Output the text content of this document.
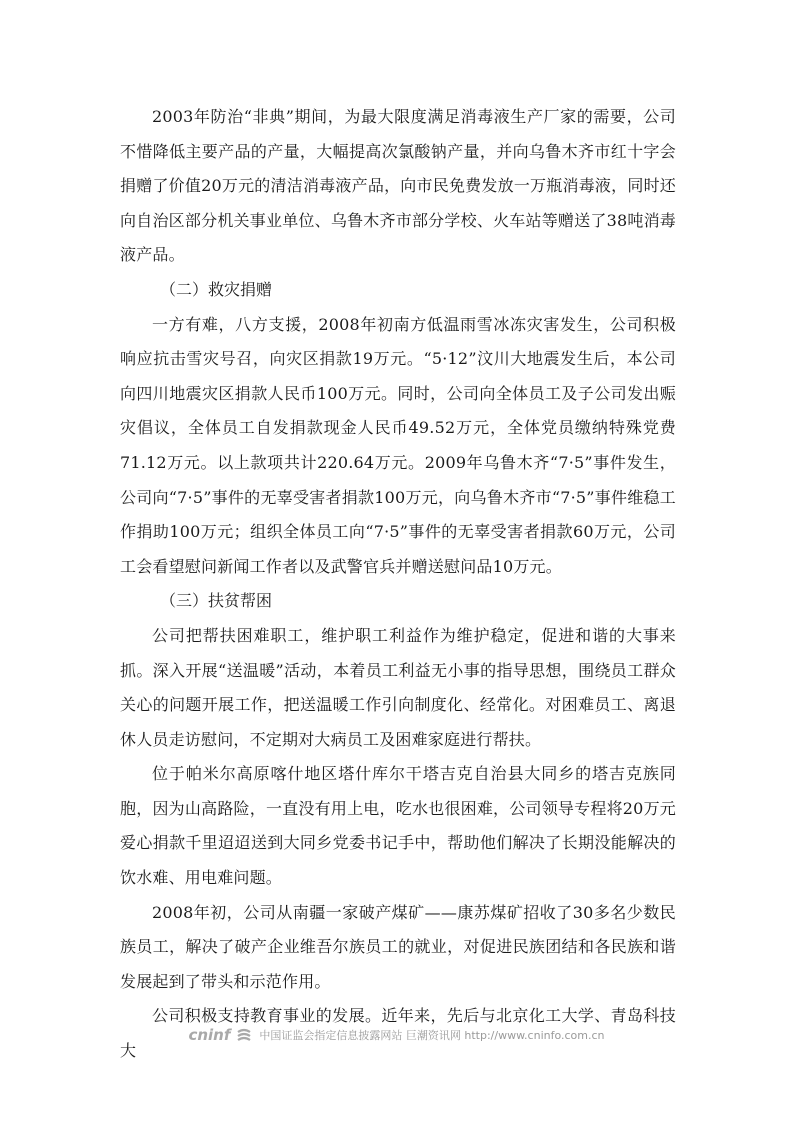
2003年防治“非典”期间，为最大限度满足消毒液生产厂家的需要，公司不惜降低主要产品的产量，大幅提高次氯酸钠产量，并向乌鲁木齐市红十字会捐赠了价值20万元的清洁消毒液产品，向市民免费发放一万瓶消毒液，同时还向自治区部分机关事业单位、乌鲁木齐市部分学校、火车站等赠送了38吨消毒液产品。

（二）救灾捐赠

一方有难，八方支援，2008年初南方低温雨雪冰冻灾害发生，公司积极响应抗击雪灾号召，向灾区捐款19万元。“5·12”汶川大地震发生后，本公司向四川地震灾区捐款人民币100万元。同时，公司向全体员工及子公司发出赈灾倡议，全体员工自发捐款现金人民币49.52万元，全体党员缴纳特殊党费71.12万元。以上款项共计220.64万元。2009年乌鲁木齐“7·5”事件发生，公司向“7·5”事件的无辜受害者捐款100万元，向乌鲁木齐市“7·5”事件维稳工作捐助100万元；组织全体员工向“7·5”事件的无辜受害者捐款60万元，公司工会看望慰问新闻工作者以及武警官兵并赠送慰问品10万元。

（三）扶贫帮困

公司把帮扶困难职工，维护职工利益作为维护稳定，促进和谐的大事来抓。深入开展“送温暖”活动，本着员工利益无小事的指导思想，围绕员工群众关心的问题开展工作，把送温暖工作引向制度化、经常化。对困难员工、离退休人员走访慰问，不定期对大病员工及困难家庭进行帮扶。

位于帕米尔高原喀什地区塔什库尔干塔吉克自治县大同乡的塔吉克族同胞，因为山高路险，一直没有用上电，吃水也很困难，公司领导专程将20万元爱心捐款千里迢迢送到大同乡党委书记手中，帮助他们解决了长期没能解决的饮水难、用电难问题。

2008年初，公司从南疆一家破产煤矿——康苏煤矿招收了30多名少数民族员工，解决了破产企业维吾尔族员工的就业，对促进民族团结和各民族和谐发展起到了带头和示范作用。

公司积极支持教育事业的发展。近年来，先后与北京化工大学、青岛科技大

cninf	中国证监会指定信息披露网站 巨潮资讯网 http://www.cninfo.com.cn
